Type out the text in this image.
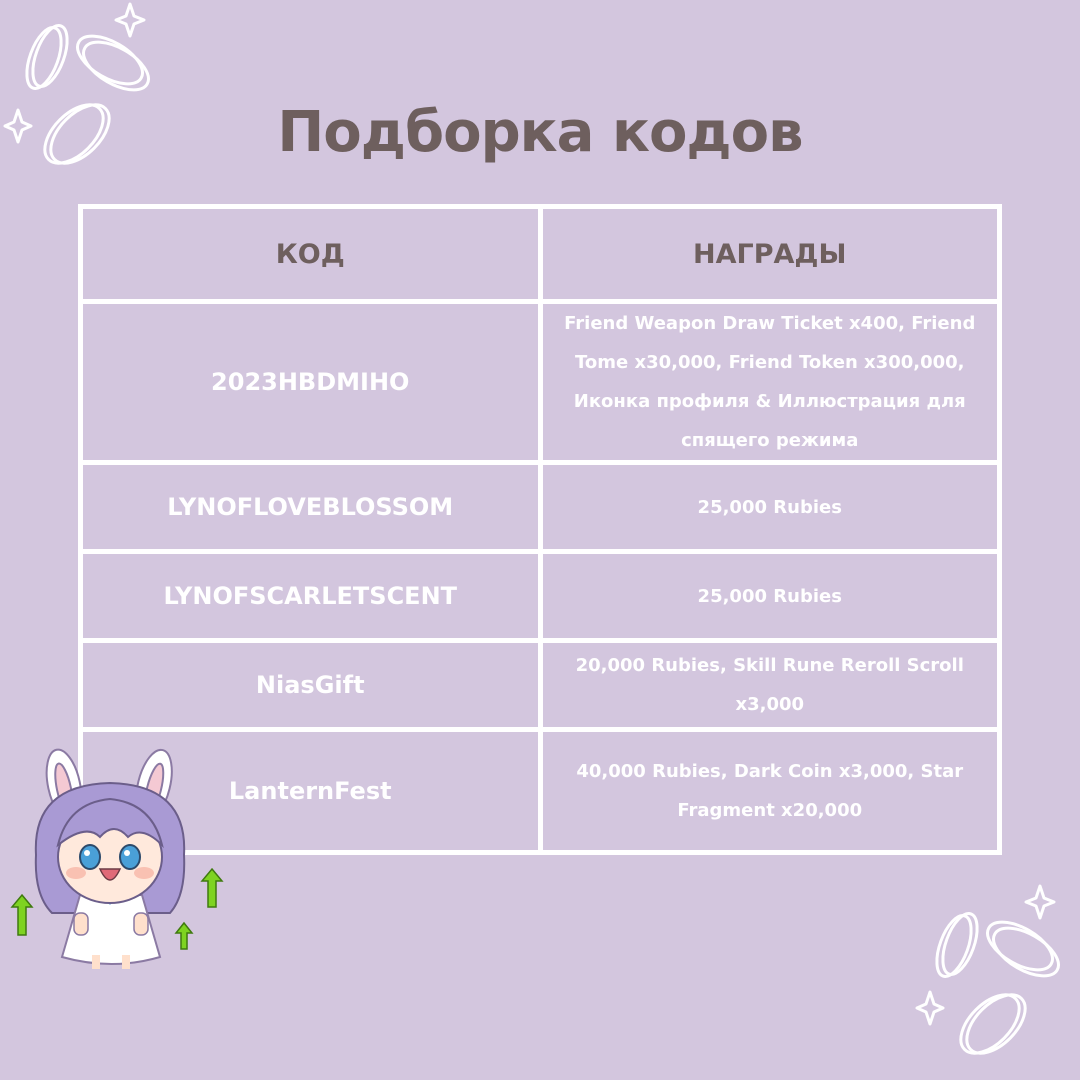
Подборка кодов
КОД	НАГРАДЫ
2023HBDMIHO	Friend Weapon Draw Ticket x400, Friend Tome x30,000, Friend Token x300,000, Иконка профиля & Иллюстрация для спящего режима
LYNOFLOVEBLOSSOM	25,000 Rubies
LYNOFSCARLETSCENT	25,000 Rubies
NiasGift	20,000 Rubies, Skill Rune Reroll Scroll x3,000
LanternFest	40,000 Rubies, Dark Coin x3,000, Star Fragment x20,000
